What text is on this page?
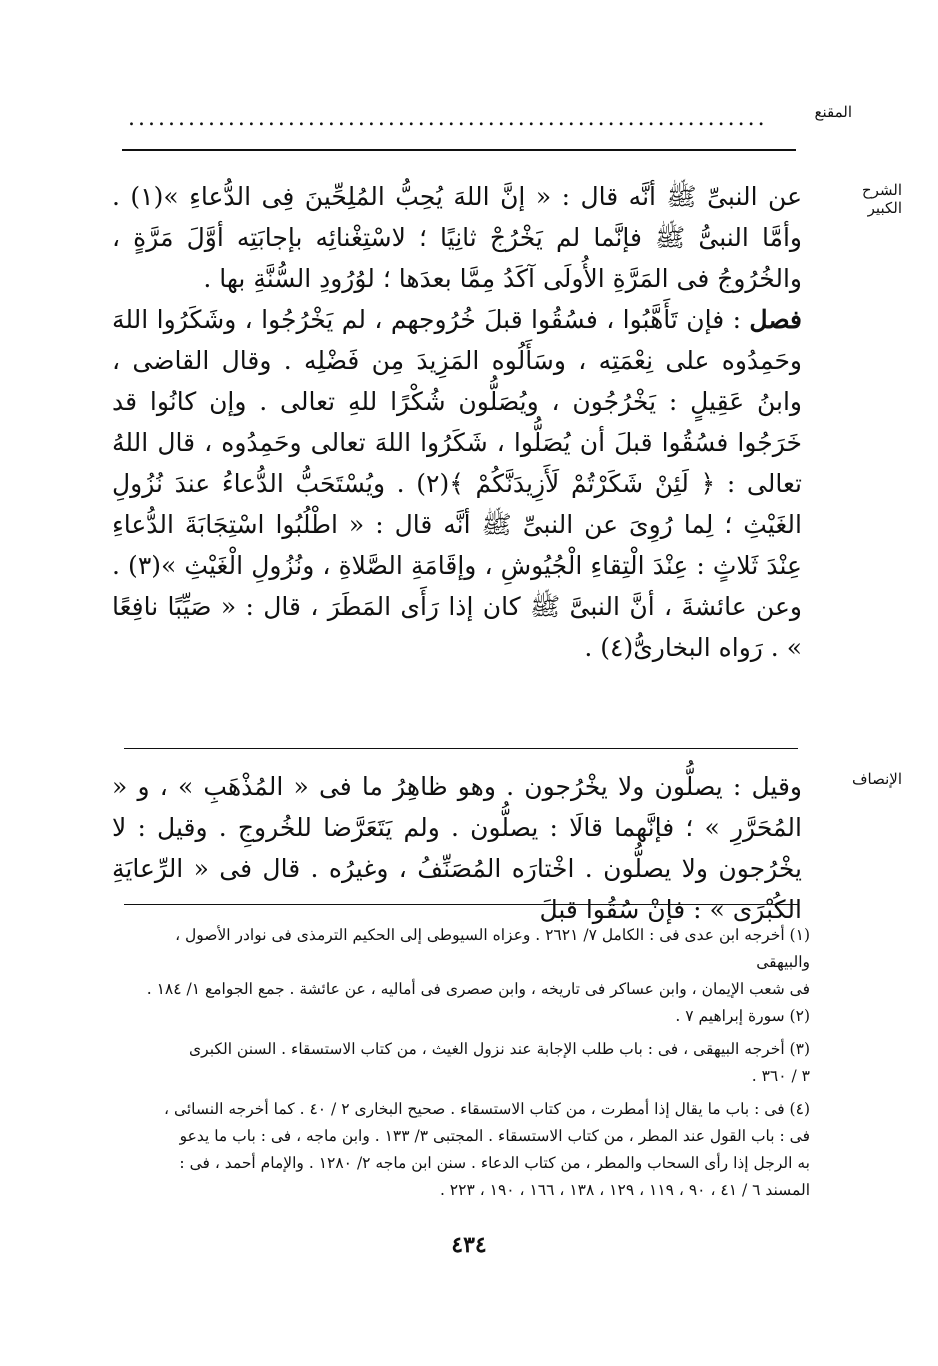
المقنع
................................................................
الشرح الكبير

عن النبىِّ ﷺ أنَّه قال : « إنَّ اللهَ يُحِبُّ المُلِحِّينَ فِى الدُّعاءِ »(١) . وأمَّا النبىُّ ﷺ فإنَّما لم يَخْرُجْ ثانِيًا ؛ لاسْتِغْنائِه بإجابَتِه أوَّلَ مَرَّةٍ ، والخُرُوجُ فى المَرَّةِ الأُولَى آكَدُ مِمَّا بعدَها ؛ لوُرُودِ السُّنَّةِ بها .

فصل : فإن تَأَهَّبُوا ، فسُقُوا قبلَ خُرُوجهم ، لم يَخْرُجُوا ، وشَكَرُوا اللهَ وحَمِدُوه على نِعْمَتِه ، وسَأَلُوه المَزِيدَ مِن فَضْلِه . وقال القاضى ، وابنُ عَقِيلٍ : يَخْرُجُون ، ويُصَلُّون شُكْرًا للهِ تعالى . وإن كانُوا قد خَرَجُوا فسُقُوا قبلَ أن يُصَلُّوا ، شَكَرُوا اللهَ تعالى وحَمِدُوه ، قال اللهُ تعالى : ﴿ لَئِنْ شَكَرْتُمْ لَأَزِيدَنَّكُمْ ﴾(٢) . ويُسْتَحَبُّ الدُّعاءُ عندَ نُزُولِ الغَيْثِ ؛ لِما رُوِىَ عن النبىِّ ﷺ أنَّه قال : « اطْلُبُوا اسْتِجَابَةَ الدُّعاءِ عِنْدَ ثَلاثٍ : عِنْدَ الْتِقاءِ الْجُيُوشِ ، وإقَامَةِ الصَّلاةِ ، ونُزُولِ الْغَيْثِ »(٣) . وعن عائشةَ ، أنَّ النبىَّ ﷺ كان إذا رَأَى المَطَرَ ، قال : « صَيِّبًا نافِعًا » . رَواه البخارىُّ(٤) .

الإنصاف
وقيل : يصلُّون ولا يخْرُجون . وهو ظاهِرُ ما فى « المُذْهَبِ » ، و « المُحَرَّرِ » ؛ فإنَّهما قالَا : يصلُّون . ولم يَتَعَرَّضا للخُروجِ . وقيل : لا يخْرُجون ولا يصلُّون . اخْتارَه المُصَنِّفُ ، وغيرُه . قال فى « الرِّعايَةِ الكُبْرَى » : فإنْ سُقُوا قبلَ
(١) أخرجه ابن عدى فى : الكامل ٧/ ٢٦٢١ . وعزاه السيوطى إلى الحكيم الترمذى فى نوادر الأصول ، والبيهقى
فى شعب الإيمان ، وابن عساكر فى تاريخه ، وابن صصرى فى أماليه ، عن عائشة . جمع الجوامع ١/ ١٨٤ .
(٢) سورة إبراهيم ٧ .
(٣) أخرجه البيهقى ، فى : باب طلب الإجابة عند نزول الغيث ، من كتاب الاستسقاء . السنن الكبرى
٣ / ٣٦٠ .
(٤) فى : باب ما يقال إذا أمطرت ، من كتاب الاستسقاء . صحيح البخارى ٢ / ٤٠ . كما أخرجه النسائى ،
فى : باب القول عند المطر ، من كتاب الاستسقاء . المجتبى ٣/ ١٣٣ . وابن ماجه ، فى : باب ما يدعو
به الرجل إذا رأى السحاب والمطر ، من كتاب الدعاء . سنن ابن ماجه ٢/ ١٢٨٠ . والإمام أحمد ، فى :
المسند ٦ / ٤١ ، ٩٠ ، ١١٩ ، ١٢٩ ، ١٣٨ ، ١٦٦ ، ١٩٠ ، ٢٢٣ .
٤٣٤
